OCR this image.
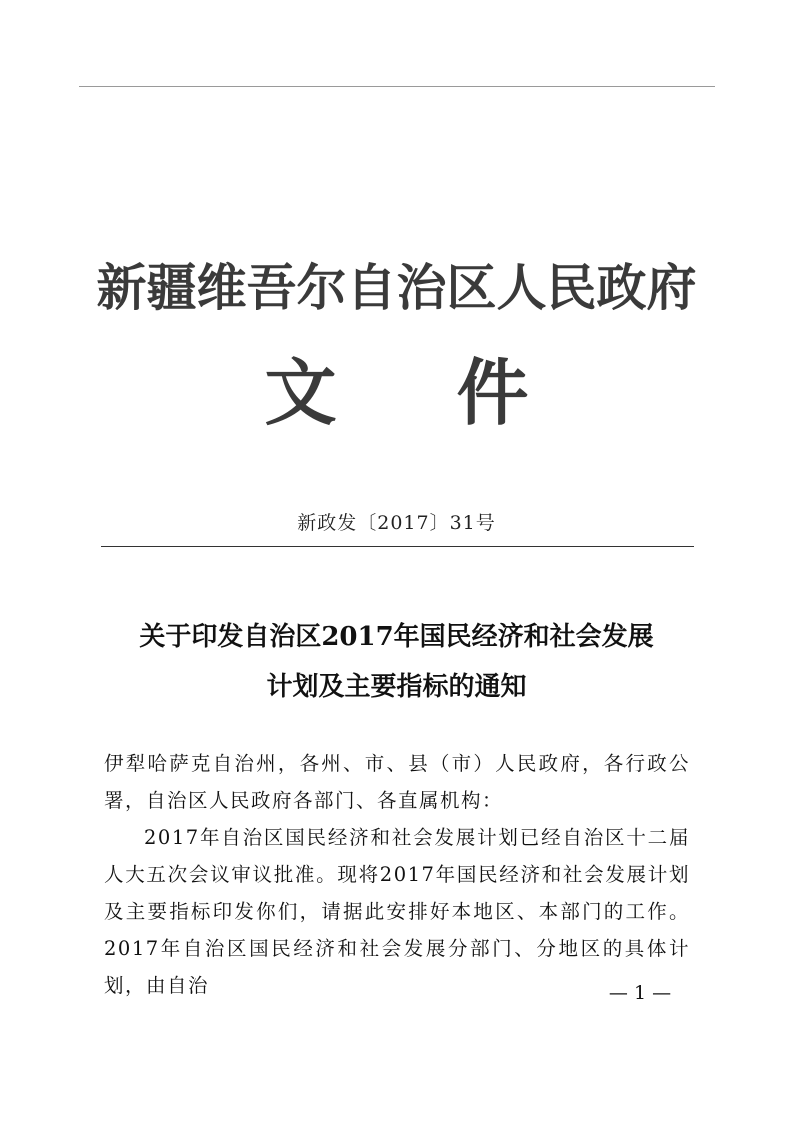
新疆维吾尔自治区人民政府
文件
新政发〔2017〕31号
关于印发自治区2017年国民经济和社会发展
计划及主要指标的通知

伊犁哈萨克自治州，各州、市、县（市）人民政府，各行政公署，自治区人民政府各部门、各直属机构：

2017年自治区国民经济和社会发展计划已经自治区十二届人大五次会议审议批准。现将2017年国民经济和社会发展计划及主要指标印发你们，请据此安排好本地区、本部门的工作。2017年自治区国民经济和社会发展分部门、分地区的具体计划，由自治	— 1 —
